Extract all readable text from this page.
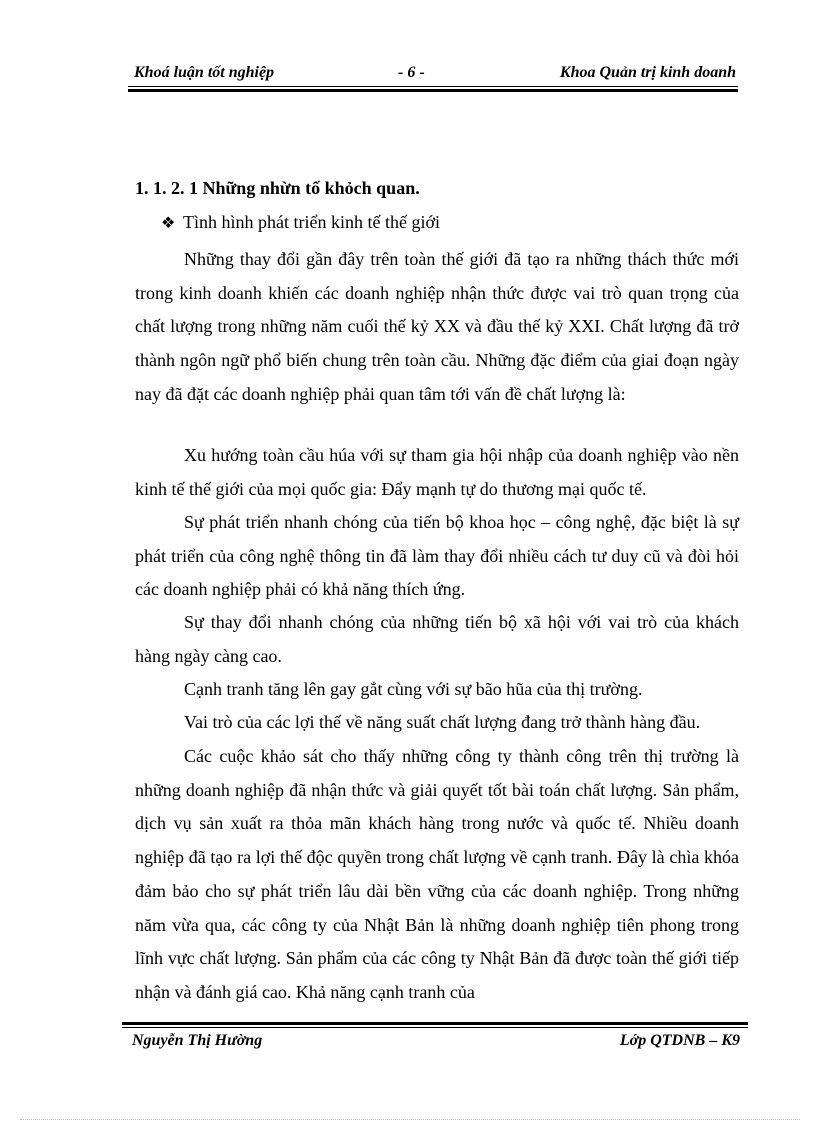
Khoá luận tốt nghiệp	- 6 -	Khoa Quản trị kinh doanh
1. 1. 2. 1 Những nhừn tố khỏch quan.
❖ Tình hình phát triển kinh tế thế giới
Những thay đổi gần đây trên toàn thế giới đã tạo ra những thách thức mới trong kinh doanh khiến các doanh nghiệp nhận thức được vai trò quan trọng của chất lượng trong những năm cuối thế kỷ XX và đầu thế kỷ XXI. Chất lượng đã trở thành ngôn ngữ phổ biến chung trên toàn cầu. Những đặc điểm của giai đoạn ngày nay đã đặt các doanh nghiệp phải quan tâm tới vấn đề chất lượng là:
Xu hướng toàn cầu húa với sự tham gia hội nhập của doanh nghiệp vào nền kinh tế thế giới của mọi quốc gia: Đẩy mạnh tự do thương mại quốc tế.
Sự phát triển nhanh chóng của tiến bộ khoa học – công nghệ, đặc biệt là sự phát triển của công nghệ thông tin đã làm thay đổi nhiều cách tư duy cũ và đòi hỏi các doanh nghiệp phải có khả năng thích ứng.
Sự thay đổi nhanh chóng của những tiến bộ xã hội với vai trò của khách hàng ngày càng cao.
Cạnh tranh tăng lên gay gắt cùng với sự bão hũa của thị trường.
Vai trò của các lợi thế về năng suất chất lượng đang trở thành hàng đầu.
Các cuộc khảo sát cho thấy những công ty thành công trên thị trường là những doanh nghiệp đã nhận thức và giải quyết tốt bài toán chất lượng. Sản phẩm, dịch vụ sản xuất ra thỏa mãn khách hàng trong nước và quốc tế. Nhiều doanh nghiệp đã tạo ra lợi thế độc quyền trong chất lượng về cạnh tranh. Đây là chìa khóa đảm bảo cho sự phát triển lâu dài bền vững của các doanh nghiệp. Trong những năm vừa qua, các công ty của Nhật Bản là những doanh nghiệp tiên phong trong lĩnh vực chất lượng. Sản phẩm của các công ty Nhật Bản đã được toàn thế giới tiếp nhận và đánh giá cao. Khả năng cạnh tranh của
Nguyễn Thị Hường	Lớp QTDNB – K9
